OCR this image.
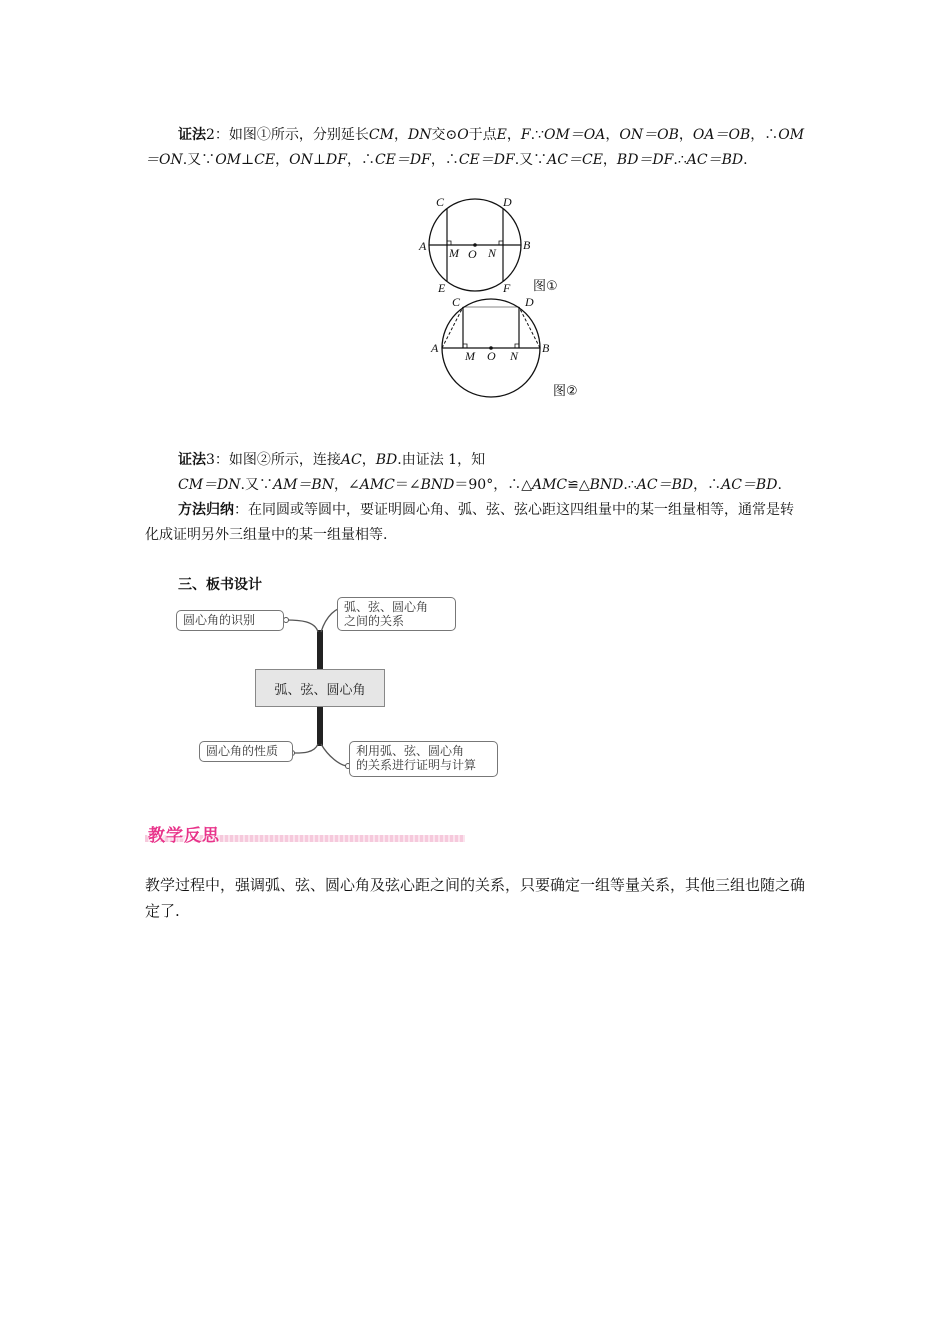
证法2：如图①所示，分别延长CM，DN交⊙O于点E，F.∵OM＝OA，ON＝OB，OA＝OB，∴OM＝ON.又∵OM⊥CE，ON⊥DF，∴CE＝DF，∴CE＝DF.又∵AC＝CE，BD＝DF.∴AC＝BD.
C	D
A	B
M O N
E	F 图①
C	D
A	B
M O N
图②
证法3：如图②所示，连接AC，BD.由证法 1，知
CM＝DN.又∵AM＝BN，∠AMC＝∠BND＝90°，∴△AMC≌△BND.∴AC＝BD，∴AC＝BD.
方法归纳：在同圆或等圆中，要证明圆心角、弧、弦、弦心距这四组量中的某一组量相等，通常是转化成证明另外三组量中的某一组量相等.
三、板书设计
圆心角的识别
弧、弦、圆心角
之间的关系
弧、弦、圆心角
圆心角的性质	利用弧、弦、圆心角
的关系进行证明与计算
教学反思
教学过程中，强调弧、弦、圆心角及弦心距之间的关系，只要确定一组等量关系，其他三组也随之确定了.
